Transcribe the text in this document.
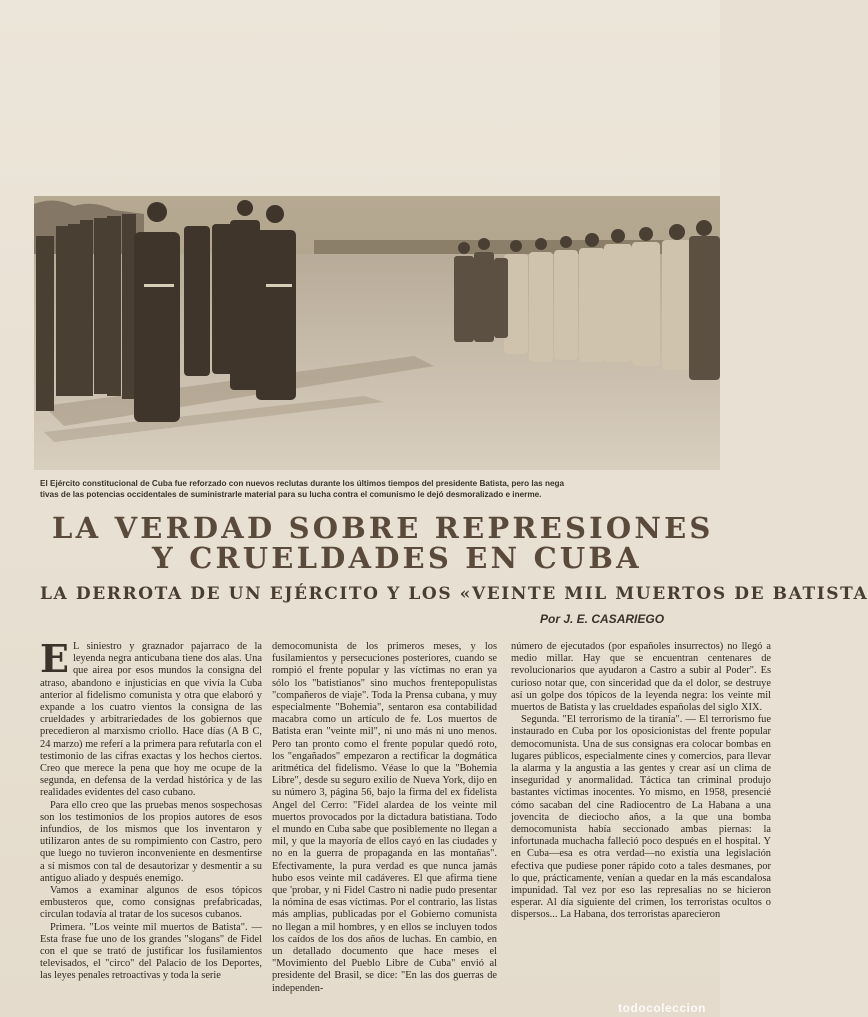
El Ejército constitucional de Cuba fue reforzado con nuevos reclutas durante los últimos tiempos del presidente Batista, pero las nega
tivas de las potencias occidentales de suministrarle material para su lucha contra el comunismo le dejó desmoralizado e inerme.
LA VERDAD SOBRE REPRESIONES
Y CRUELDADES EN CUBA
LA DERROTA DE UN EJÉRCITO Y LOS «VEINTE MIL MUERTOS DE BATISTA
Por J. E. CASARIEGO
E L siniestro y graznador pajarraco de la leyenda negra anticubana tiene dos alas. Una que airea por esos mundos la consigna del atraso, abandono e injusticias en que vivía la Cuba anterior al fidelismo comunista y otra que elaboró y expande a los cuatro vientos la consigna de las crueldades y arbitrariedades de los gobiernos que precedieron al marxismo criollo. Hace días (A B C, 24 marzo) me referí a la primera para refutarla con el testimonio de las cifras exactas y los hechos ciertos. Creo que merece la pena que hoy me ocupe de la segunda, en defensa de la verdad histórica y de las realidades evidentes del caso cubano.

Para ello creo que las pruebas menos sospechosas son los testimonios de los propios autores de esos infundios, de los mismos que los inventaron y utilizaron antes de su rompimiento con Castro, pero que luego no tuvieron inconveniente en desmentirse a sí mismos con tal de desautorizar y desmentir a su antiguo aliado y después enemigo.

Vamos a examinar algunos de esos tópicos embusteros que, como consignas prefabricadas, circulan todavía al tratar de los sucesos cubanos.

Primera. "Los veinte mil muertos de Batista". — Esta frase fue uno de los grandes "slogans" de Fidel con el que se trató de justificar los fusilamientos televisados, el "circo" del Palacio de los Deportes, las leyes penales retroactivas y toda la serie

democomunista de los primeros meses, y los fusilamientos y persecuciones posteriores, cuando se rompió el frente popular y las víctimas no eran ya sólo los "batistianos" sino muchos frentepopulistas "compañeros de viaje". Toda la Prensa cubana, y muy especialmente "Bohemia", sentaron esa contabilidad macabra como un artículo de fe. Los muertos de Batista eran "veinte mil", ni uno más ni uno menos. Pero tan pronto como el frente popular quedó roto, los "engañados" empezaron a rectificar la dogmática aritmética del fidelismo. Véase lo que la "Bohemia Libre", desde su seguro exilio de Nueva York, dijo en su número 3, página 56, bajo la firma del ex fidelista Angel del Cerro: "Fidel alardea de los veinte mil muertos provocados por la dictadura batistiana. Todo el mundo en Cuba sabe que posiblemente no llegan a mil, y que la mayoría de ellos cayó en las ciudades y no en la guerra de propaganda en las montañas". Efectivamente, la pura verdad es que nunca jamás hubo esos veinte mil cadáveres. El que afirma tiene que 'probar, y ni Fidel Castro ni nadie pudo presentar la nómina de esas víctimas. Por el contrario, las listas más amplias, publicadas por el Gobierno comunista no llegan a mil hombres, y en ellos se incluyen todos los caídos de los dos años de luchas. En cambio, en un detallado documento que hace meses el "Movimiento del Pueblo Libre de Cuba" envió al presidente del Brasil, se dice: "En las dos guerras de independen-

número de ejecutados (por españoles insurrectos) no llegó a medio millar. Hay que se encuentran centenares de revolucionarios que ayudaron a Castro a subir al Poder". Es curioso notar que, con sinceridad que da el dolor, se destruye así un golpe dos tópicos de la leyenda negra: los veinte mil muertos de Batista y las crueldades españolas del siglo XIX.

Segunda. "El terrorismo de la tiranía". — El terrorismo fue instaurado en Cuba por los oposicionistas del frente popular democomunista. Una de sus consignas era colocar bombas en lugares públicos, especialmente cines y comercios, para llevar la alarma y la angustia a las gentes y crear así un clima de inseguridad y anormalidad. Táctica tan criminal produjo bastantes víctimas inocentes. Yo mismo, en 1958, presencié cómo sacaban del cine Radiocentro de La Habana a una jovencita de dieciocho años, a la que una bomba democomunista había seccionado ambas piernas: la infortunada muchacha falleció poco después en el hospital. Y en Cuba—esa es otra verdad—no existía una legislación efectiva que pudiese poner rápido coto a tales desmanes, por lo que, prácticamente, venían a quedar en la más escandalosa impunidad. Tal vez por eso las represalias no se hicieron esperar. Al día siguiente del crimen, los terroristas ocultos o dispersos... La Habana, dos terroristas aparecieron

todocoleccion
